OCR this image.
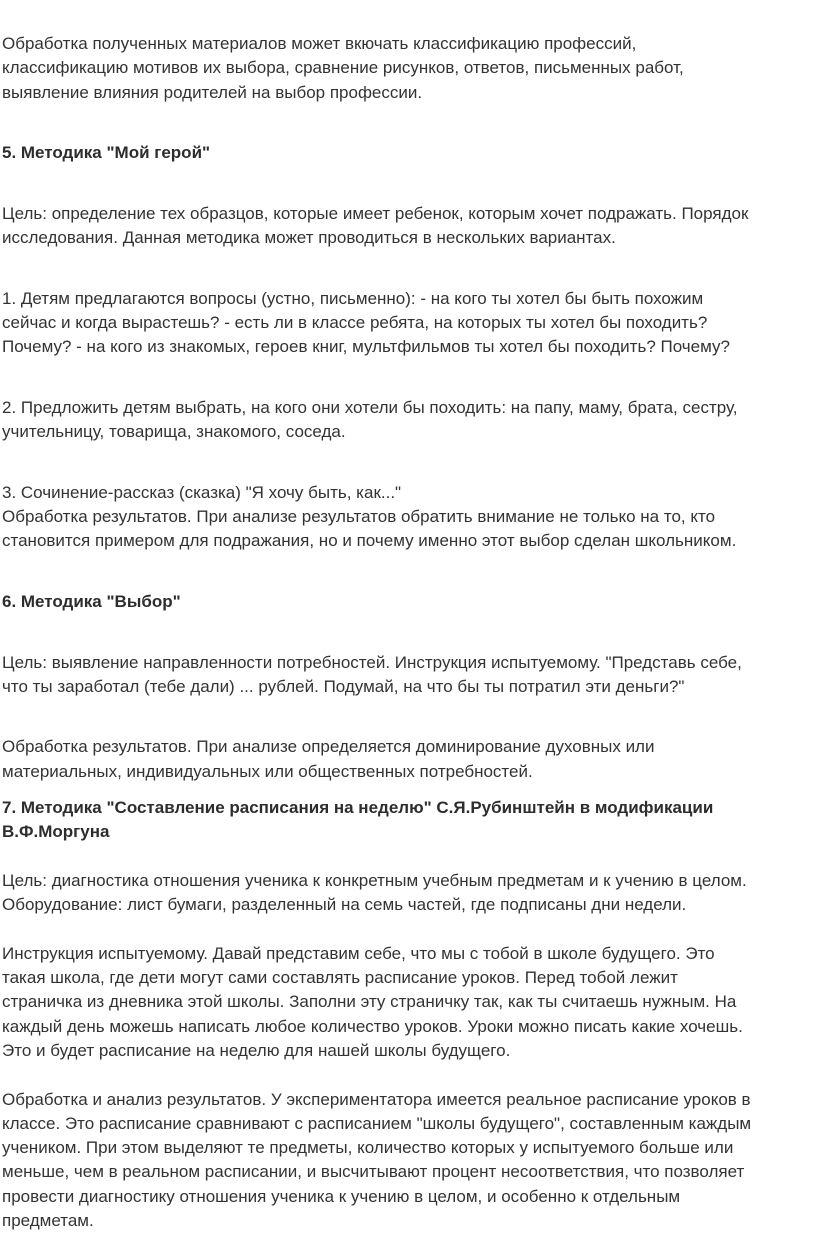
Обработка полученных материалов может вкючать классификацию профессий,
классификацию мотивов их выбора, сравнение рисунков, ответов, письменных работ,
выявление влияния родителей на выбор профессии.
5. Методика "Мой герой"
Цель: определение тех образцов, которые имеет ребенок, которым хочет подражать. Порядок
исследования. Данная методика может проводиться в нескольких вариантах.
1. Детям предлагаются вопросы (устно, письменно): - на кого ты хотел бы быть похожим
сейчас и когда вырастешь? - есть ли в классе ребята, на которых ты хотел бы походить?
Почему? - на кого из знакомых, героев книг, мультфильмов ты хотел бы походить? Почему?
2. Предложить детям выбрать, на кого они хотели бы походить: на папу, маму, брата, сестру,
учительницу, товарища, знакомого, соседа.
3. Сочинение-рассказ (сказка) "Я хочу быть, как..."
Обработка результатов. При анализе результатов обратить внимание не только на то, кто
становится примером для подражания, но и почему именно этот выбор сделан школьником.
6. Методика "Выбор"
Цель: выявление направленности потребностей. Инструкция испытуемому. "Представь себе,
что ты заработал (тебе дали) ... рублей. Подумай, на что бы ты потратил эти деньги?"
Обработка результатов. При анализе определяется доминирование духовных или
материальных, индивидуальных или общественных потребностей.
7. Методика "Составление расписания на неделю" С.Я.Рубинштейн в модификации
В.Ф.Моргуна
Цель: диагностика отношения ученика к конкретным учебным предметам и к учению в целом.
Оборудование: лист бумаги, разделенный на семь частей, где подписаны дни недели.
Инструкция испытуемому. Давай представим себе, что мы с тобой в школе будущего. Это
такая школа, где дети могут сами составлять расписание уроков. Перед тобой лежит
страничка из дневника этой школы. Заполни эту страничку так, как ты считаешь нужным. На
каждый день можешь написать любое количество уроков. Уроки можно писать какие хочешь.
Это и будет расписание на неделю для нашей школы будущего.
Обработка и анализ результатов. У экспериментатора имеется реальное расписание уроков в
классе. Это расписание сравнивают с расписанием "школы будущего", составленным каждым
учеником. При этом выделяют те предметы, количество которых у испытуемого больше или
меньше, чем в реальном расписании, и высчитывают процент несоответствия, что позволяет
провести диагностику отношения ученика к учению в целом, и особенно к отдельным
предметам.
